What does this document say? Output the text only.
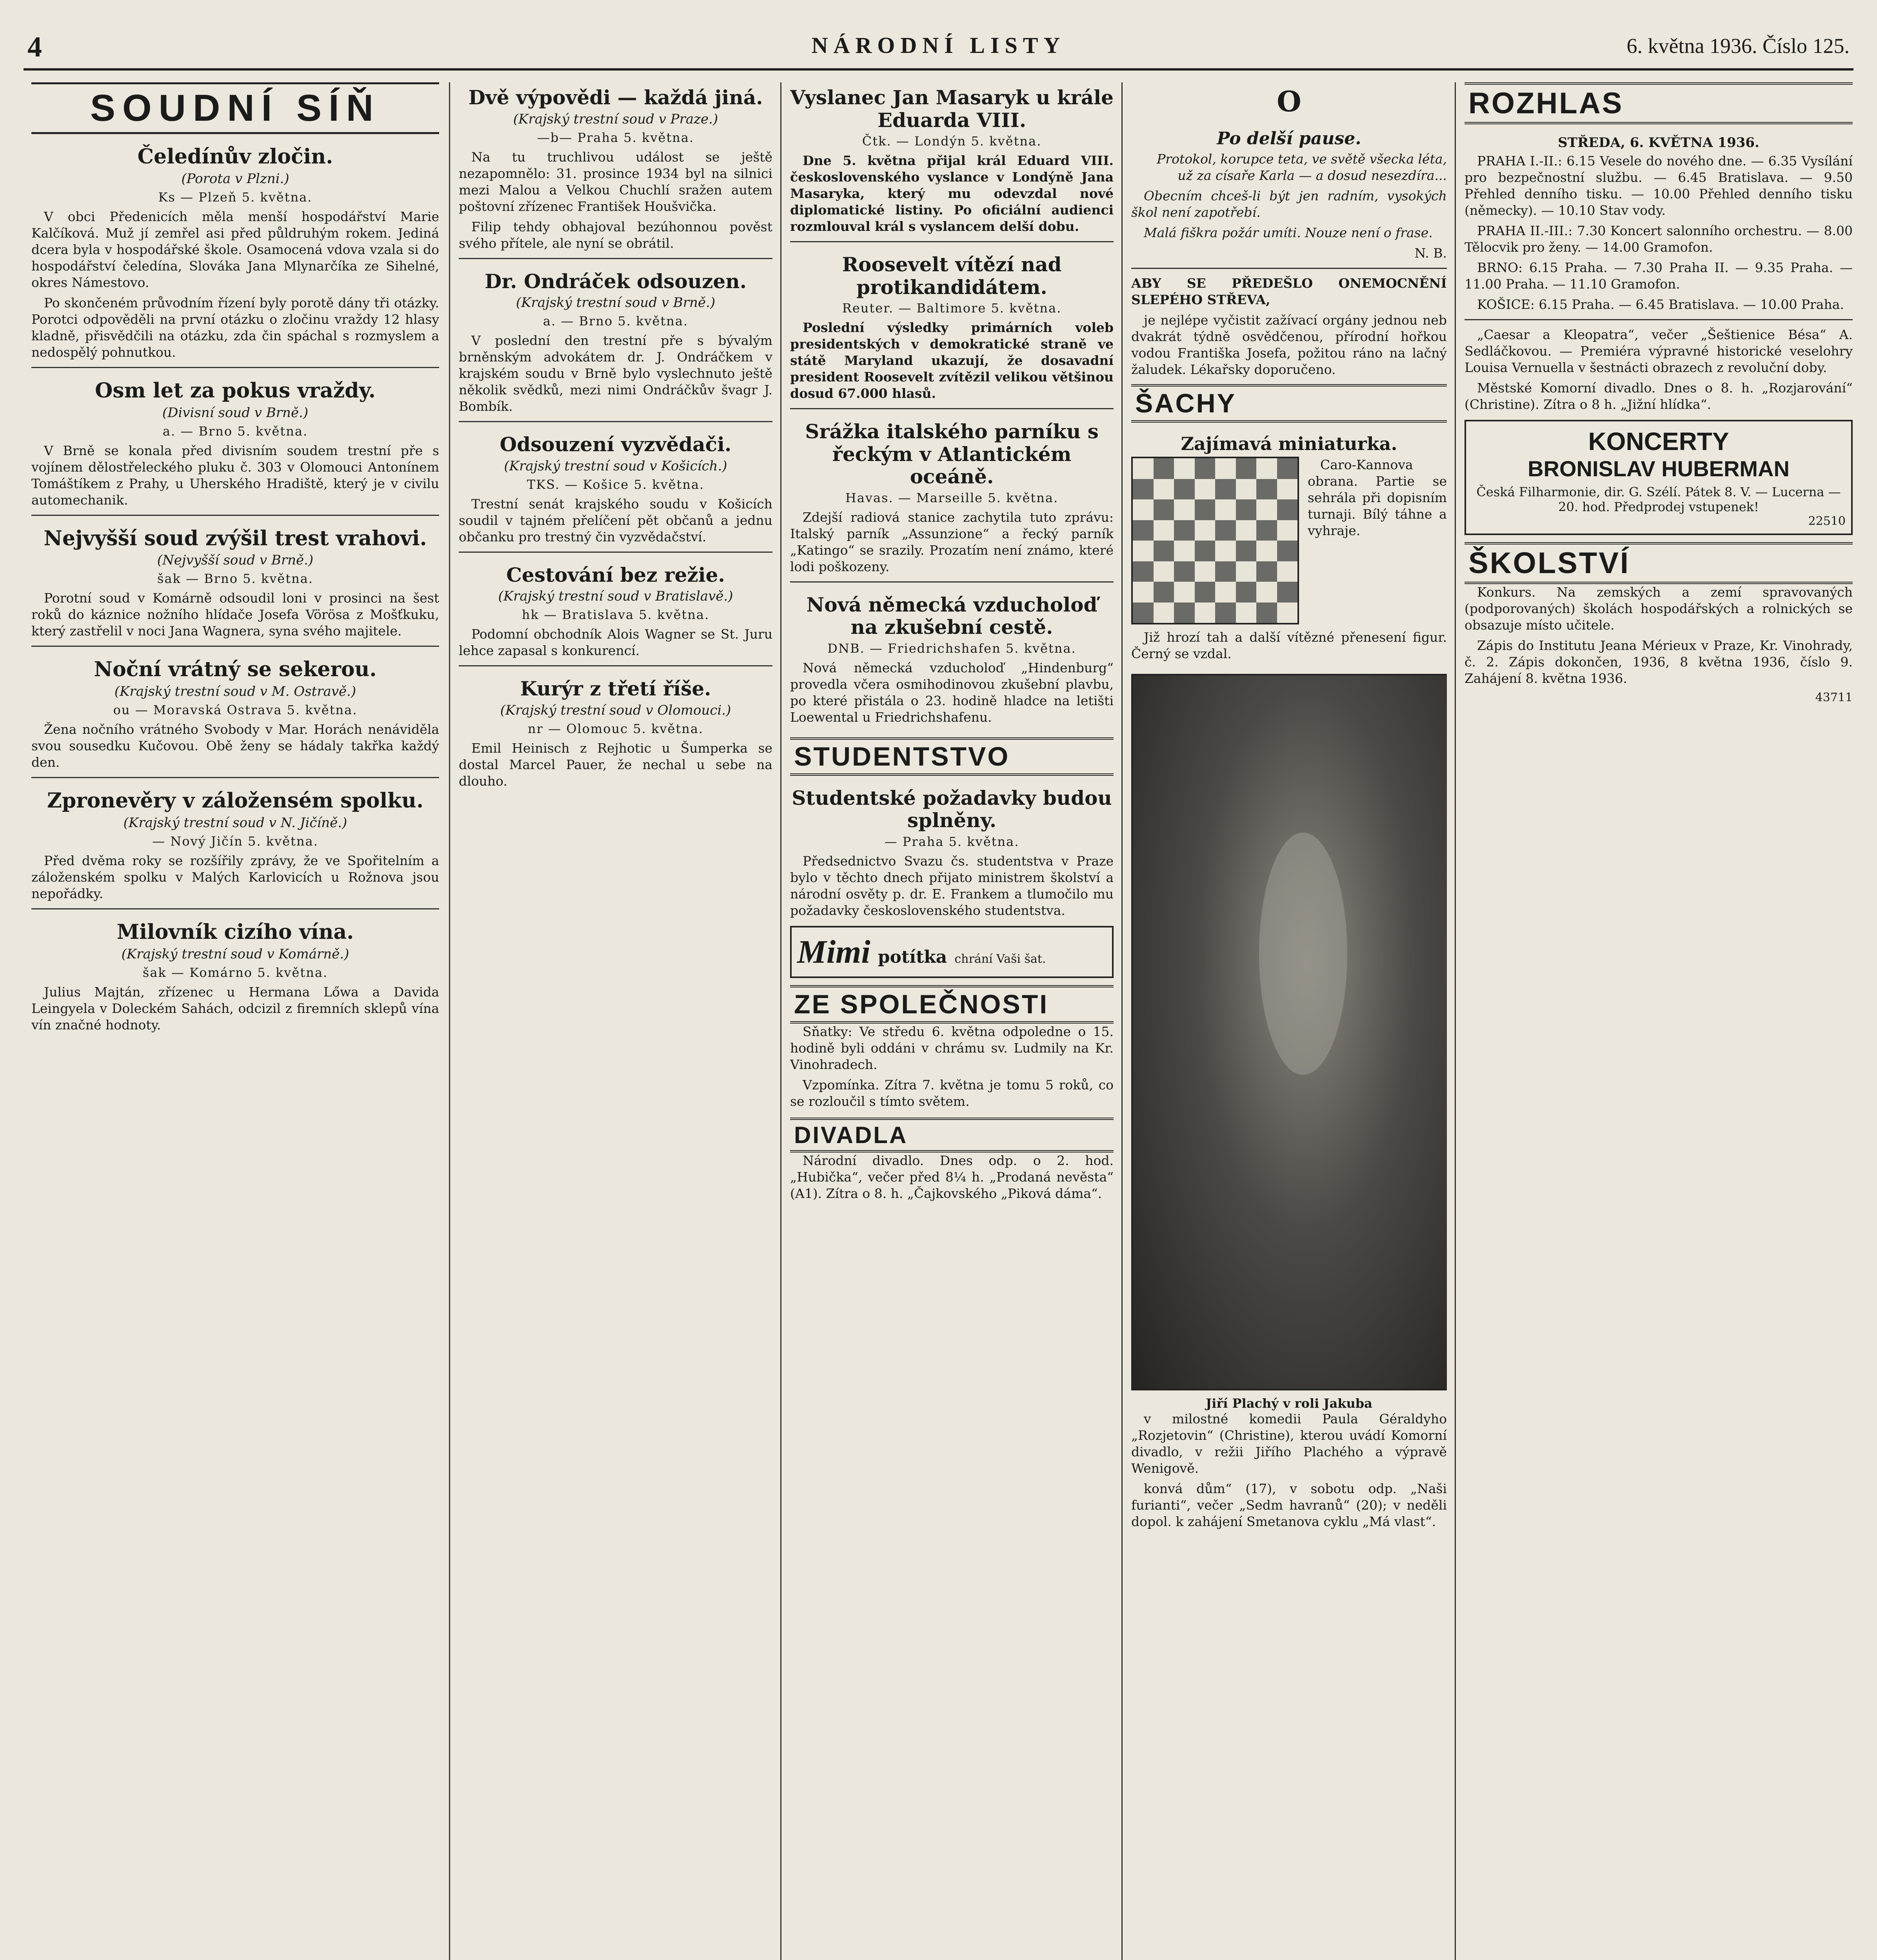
4	NÁRODNÍ LISTY	6. května 1936. Číslo 125.
SOUDNÍ SÍŇ
Čeledínův zločin.
(Porota v Plzni.)
Ks — Plzeň 5. května.

V obci Předenicích měla menší hospodářství Marie Kalčíková. Muž jí zemřel asi před půldruhým rokem. Jediná dcera byla v hospodářské škole. Osamocená vdova vzala si do hospodářství čeledína, Slováka Jana Mlynarčíka ze Sihelné, okres Námestovo.

Po skončeném průvodním řízení byly porotě dány tři otázky. Porotci odpověděli na první otázku o zločinu vraždy 12 hlasy kladně, přisvědčili na otázku, zda čin spáchal s rozmyslem a nedospělý pohnutkou.

Osm let za pokus vraždy.
(Divisní soud v Brně.)
a. — Brno 5. května.

V Brně se konala před divisním soudem trestní pře s vojínem dělostřeleckého pluku č. 303 v Olomouci Antonínem Tomáštíkem z Prahy, u Uherského Hradiště, který je v civilu automechanik.

Nejvyšší soud zvýšil trest vrahovi.
(Nejvyšší soud v Brně.)
šak — Brno 5. května.

Porotní soud v Komárně odsoudil loni v prosinci na šest roků do káznice nožního hlídače Josefa Vörösa z Mošťkuku, který zastřelil v noci Jana Wagnera, syna svého majitele.

Noční vrátný se sekerou.
(Krajský trestní soud v M. Ostravě.)
ou — Moravská Ostrava 5. května.

Žena nočního vrátného Svobody v Mar. Horách nenáviděla svou sousedku Kučovou. Obě ženy se hádaly takřka každý den.

Zpronevěry v záložensém spolku.
(Krajský trestní soud v N. Jičíně.)
— Nový Jičín 5. května.

Před dvěma roky se rozšířily zprávy, že ve Spořitelním a záloženském spolku v Malých Karlovicích u Rožnova jsou nepořádky.

Milovník cizího vína.
(Krajský trestní soud v Komárně.)
šak — Komárno 5. května.

Julius Majtán, zřízenec u Hermana Lőwa a Davida Leingyela v Doleckém Sahách, odcizil z firemních sklepů vína vín značné hodnoty.

Dvě výpovědi — každá jiná.
(Krajský trestní soud v Praze.)
—b— Praha 5. května.

Na tu truchlivou událost se ještě nezapomnělo: 31. prosince 1934 byl na silnici mezi Malou a Velkou Chuchlí sražen autem poštovní zřízenec František Houšvička.

Filip tehdy obhajoval bezúhonnou pověst svého přítele, ale nyní se obrátil.

Dr. Ondráček odsouzen.
(Krajský trestní soud v Brně.)
a. — Brno 5. května.

V poslední den trestní pře s bývalým brněnským advokátem dr. J. Ondráčkem v krajském soudu v Brně bylo vyslechnuto ještě několik svědků, mezi nimi Ondráčkův švagr J. Bombík.

Odsouzení vyzvědači.
(Krajský trestní soud v Košicích.)
TKS. — Košice 5. května.

Trestní senát krajského soudu v Košicích soudil v tajném přelíčení pět občanů a jednu občanku pro trestný čin vyzvědačství.

Cestování bez režie.
(Krajský trestní soud v Bratislavě.)
hk — Bratislava 5. května.

Podomní obchodník Alois Wagner se St. Juru lehce zapasal s konkurencí.

Kurýr z třetí říše.
(Krajský trestní soud v Olomouci.)
nr — Olomouc 5. května.

Emil Heinisch z Rejhotic u Šumperka se dostal Marcel Pauer, že nechal u sebe na dlouho.

Vyslanec Jan Masaryk u krále Eduarda VIII.
Čtk. — Londýn 5. května.

Dne 5. května přijal král Eduard VIII. československého vyslance v Londýně Jana Masaryka, který mu odevzdal nové diplomatické listiny. Po oficiální audienci rozmlouval král s vyslancem delší dobu.

Roosevelt vítězí nad protikandidátem.
Reuter. — Baltimore 5. května.

Poslední výsledky primárních voleb presidentských v demokratické straně ve státě Maryland ukazují, že dosavadní president Roosevelt zvítězil velikou většinou dosud 67.000 hlasů.

Srážka italského parníku s řeckým v Atlantickém oceáně.
Havas. — Marseille 5. května.

Zdejší radiová stanice zachytila tuto zprávu: Italský parník „Assunzione“ a řecký parník „Katingo“ se srazily. Prozatím není známo, které lodi poškozeny.

Nová německá vzducholoď na zkušební cestě.
DNB. — Friedrichshafen 5. května.

Nová německá vzducholoď „Hindenburg“ provedla včera osmihodinovou zkušební plavbu, po které přistála o 23. hodině hladce na letišti Loewental u Friedrichshafenu.

STUDENTSTVO
Studentské požadavky budou splněny.
— Praha 5. května.

Předsednictvo Svazu čs. studentstva v Praze bylo v těchto dnech přijato ministrem školství a národní osvěty p. dr. E. Frankem a tlumočilo mu požadavky československého studentstva.

Mimi potítka chrání Vaši šat.
ZE SPOLEČNOSTI

Sňatky: Ve středu 6. května odpoledne o 15. hodině byli oddáni v chrámu sv. Ludmily na Kr. Vinohradech.

Vzpomínka. Zítra 7. května je tomu 5 roků, co se rozloučil s tímto světem.

DIVADLA

Národní divadlo. Dnes odp. o 2. hod. „Hubička“, večer před 8¼ h. „Prodaná nevěsta“ (A1). Zítra o 8. h. „Čajkovského „Piková dáma“.

O
Po delší pause.

Protokol, korupce teta, ve světě všecka léta, už za císaře Karla — a dosud nesezdíra...

Obecním chceš-li být jen radním, vysokých škol není zapotřebí.

Malá fiškra požár umíti. Nouze není o frase.

N. B.

ABY SE PŘEDEŠLO ONEMOCNĚNÍ SLEPÉHO STŘEVA,

je nejlépe vyčistit zažívací orgány jednou neb dvakrát týdně osvědčenou, přírodní hořkou vodou Františka Josefa, požitou ráno na lačný žaludek. Lékařsky doporučeno.

ŠACHY
Zajímavá miniaturka.

Caro-Kannova obrana. Partie se sehrála při dopisním turnaji. Bílý táhne a vyhraje.

Již hrozí tah a další vítězné přenesení figur. Černý se vzdal.

Jiří Plachý v roli Jakuba

v milostné komedii Paula Géraldyho „Rozjetovin“ (Christine), kterou uvádí Komorní divadlo, v režii Jiřího Plachého a výpravě Wenigově.

konvá dům“ (17), v sobotu odp. „Naši furianti“, večer „Sedm havranů“ (20); v neděli dopol. k zahájení Smetanova cyklu „Má vlast“.

ROZHLAS
STŘEDA, 6. KVĚTNA 1936.

PRAHA I.-II.: 6.15 Vesele do nového dne. — 6.35 Vysílání pro bezpečnostní službu. — 6.45 Bratislava. — 9.50 Přehled denního tisku. — 10.00 Přehled denního tisku (německy). — 10.10 Stav vody.

PRAHA II.-III.: 7.30 Koncert salonního orchestru. — 8.00 Tělocvik pro ženy. — 14.00 Gramofon.

BRNO: 6.15 Praha. — 7.30 Praha II. — 9.35 Praha. — 11.00 Praha. — 11.10 Gramofon.

KOŠICE: 6.15 Praha. — 6.45 Bratislava. — 10.00 Praha.

„Caesar a Kleopatra“, večer „Šeštienice Bésa“ A. Sedláčkovou. — Premiéra výpravné historické veselohry Louisa Vernuella v šestnácti obrazech z revoluční doby.

Městské Komorní divadlo. Dnes o 8. h. „Rozjarování“ (Christine). Zítra o 8 h. „Jižní hlídka“.

KONCERTY
BRONISLAV HUBERMAN
Česká Filharmonie, dir. G. Szélí. Pátek 8. V. — Lucerna — 20. hod. Předprodej vstupenek!
22510
ŠKOLSTVÍ

Konkurs. Na zemských a zemí spravovaných (podporovaných) školách hospodářských a rolnických se obsazuje místo učitele.

Zápis do Institutu Jeana Mérieux v Praze, Kr. Vinohrady, č. 2. Zápis dokončen, 1936, 8 května 1936, číslo 9. Zahájení 8. května 1936.

43711
